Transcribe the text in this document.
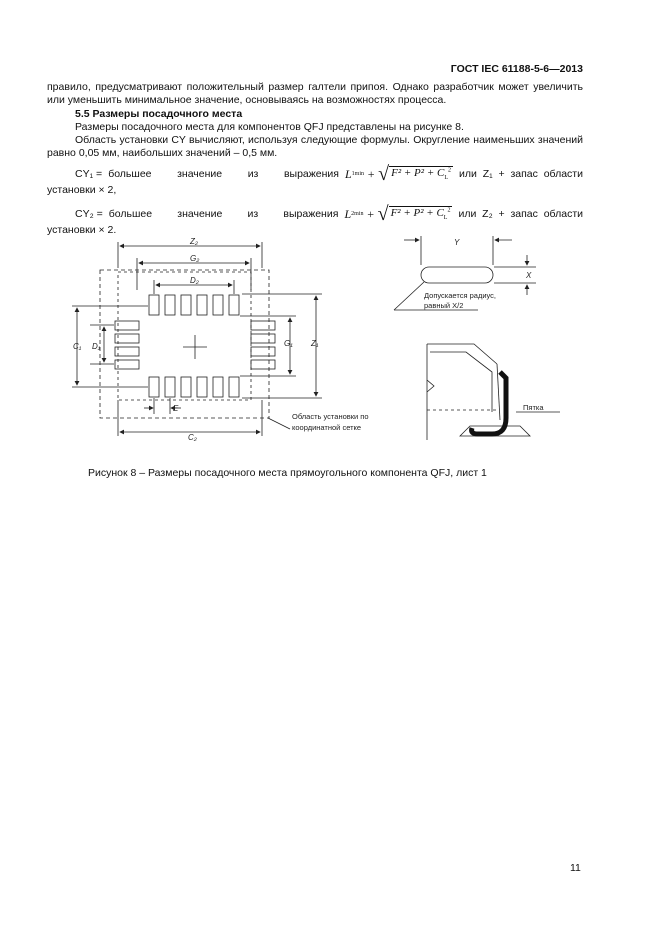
ГОСТ IEC 61188-5-6—2013
правило, предусматривают положительный размер галтели припоя. Однако разработчик может увеличить или уменьшить минимальное значение, основываясь на возможностях процесса.
5.5 Размеры посадочного места
Размеры посадочного места для компонентов QFJ представлены на рисунке 8.
Область установки CY вычисляют, используя следующие формулы. Округление наименьших значений равно 0,05 мм, наибольших значений – 0,5 мм.
CY₁ = большее значение из выражения L 1min + √ $F^2 + P^2 + C_L^2$ или  Z₁  +  запас  области
установки × 2,
CY₂ = большее значение из выражения L 2min + √ $F^2 + P^2 + C_L^2$ или  Z₂  +  запас  области
установки × 2.
Z₂
G₂
D₂
C₁ D₁	G₁ Z₁
E
C₂
Y
X
Область установки по
координатной сетке
Допускается радиус,
равный X/2
Пятка
Рисунок 8 – Размеры посадочного места прямоугольного компонента QFJ, лист 1
11
